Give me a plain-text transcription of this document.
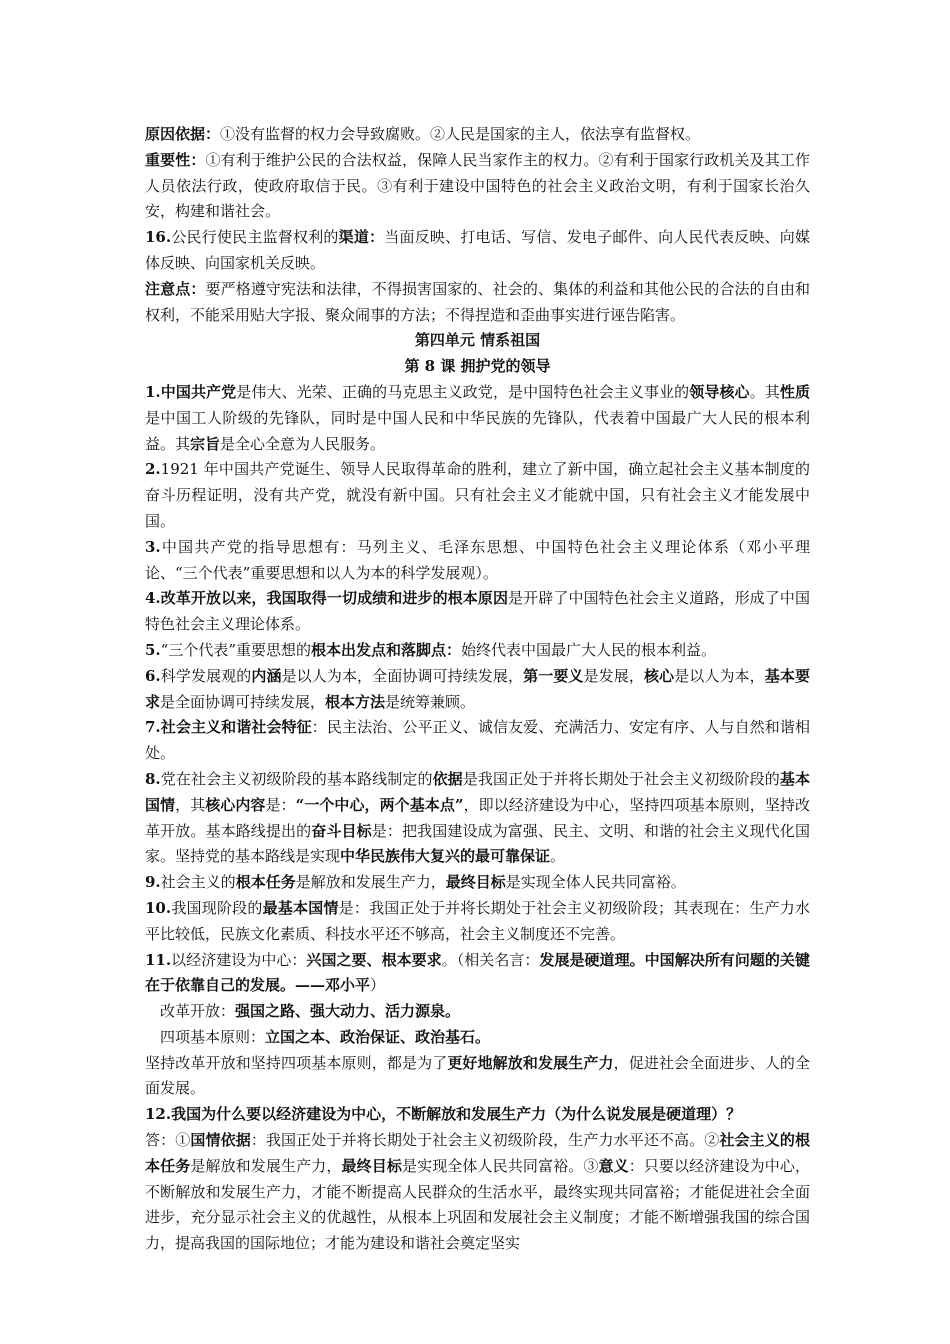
原因依据：①没有监督的权力会导致腐败。②人民是国家的主人，依法享有监督权。

重要性：①有利于维护公民的合法权益，保障人民当家作主的权力。②有利于国家行政机关及其工作人员依法行政，使政府取信于民。③有利于建设中国特色的社会主义政治文明，有利于国家长治久安，构建和谐社会。

16.公民行使民主监督权利的渠道：当面反映、打电话、写信、发电子邮件、向人民代表反映、向媒体反映、向国家机关反映。

注意点：要严格遵守宪法和法律，不得损害国家的、社会的、集体的利益和其他公民的合法的自由和权利，不能采用贴大字报、聚众闹事的方法；不得捏造和歪曲事实进行诬告陷害。

第四单元 情系祖国

第 8 课 拥护党的领导

1.中国共产党是伟大、光荣、正确的马克思主义政党，是中国特色社会主义事业的领导核心。其性质是中国工人阶级的先锋队，同时是中国人民和中华民族的先锋队，代表着中国最广大人民的根本利益。其宗旨是全心全意为人民服务。

2.1921 年中国共产党诞生、领导人民取得革命的胜利，建立了新中国，确立起社会主义基本制度的奋斗历程证明，没有共产党，就没有新中国。只有社会主义才能就中国，只有社会主义才能发展中国。

3.中国共产党的指导思想有：马列主义、毛泽东思想、中国特色社会主义理论体系（邓小平理论、“三个代表”重要思想和以人为本的科学发展观）。

4.改革开放以来，我国取得一切成绩和进步的根本原因是开辟了中国特色社会主义道路，形成了中国特色社会主义理论体系。

5.“三个代表”重要思想的根本出发点和落脚点：始终代表中国最广大人民的根本利益。

6.科学发展观的内涵是以人为本，全面协调可持续发展，第一要义是发展，核心是以人为本，基本要求是全面协调可持续发展，根本方法是统筹兼顾。

7.社会主义和谐社会特征：民主法治、公平正义、诚信友爱、充满活力、安定有序、人与自然和谐相处。

8.党在社会主义初级阶段的基本路线制定的依据是我国正处于并将长期处于社会主义初级阶段的基本国情，其核心内容是：“一个中心，两个基本点”，即以经济建设为中心，坚持四项基本原则，坚持改革开放。基本路线提出的奋斗目标是：把我国建设成为富强、民主、文明、和谐的社会主义现代化国家。坚持党的基本路线是实现中华民族伟大复兴的最可靠保证。

9.社会主义的根本任务是解放和发展生产力，最终目标是实现全体人民共同富裕。

10.我国现阶段的最基本国情是：我国正处于并将长期处于社会主义初级阶段；其表现在：生产力水平比较低，民族文化素质、科技水平还不够高，社会主义制度还不完善。

11.以经济建设为中心：兴国之要、根本要求。（相关名言：发展是硬道理。中国解决所有问题的关键在于依靠自己的发展。——邓小平）

改革开放：强国之路、强大动力、活力源泉。

四项基本原则：立国之本、政治保证、政治基石。

坚持改革开放和坚持四项基本原则，都是为了更好地解放和发展生产力，促进社会全面进步、人的全面发展。

12.我国为什么要以经济建设为中心，不断解放和发展生产力（为什么说发展是硬道理）？

答：①国情依据：我国正处于并将长期处于社会主义初级阶段，生产力水平还不高。②社会主义的根本任务是解放和发展生产力，最终目标是实现全体人民共同富裕。③意义：只要以经济建设为中心，不断解放和发展生产力，才能不断提高人民群众的生活水平，最终实现共同富裕；才能促进社会全面进步，充分显示社会主义的优越性，从根本上巩固和发展社会主义制度；才能不断增强我国的综合国力，提高我国的国际地位；才能为建设和谐社会奠定坚实
